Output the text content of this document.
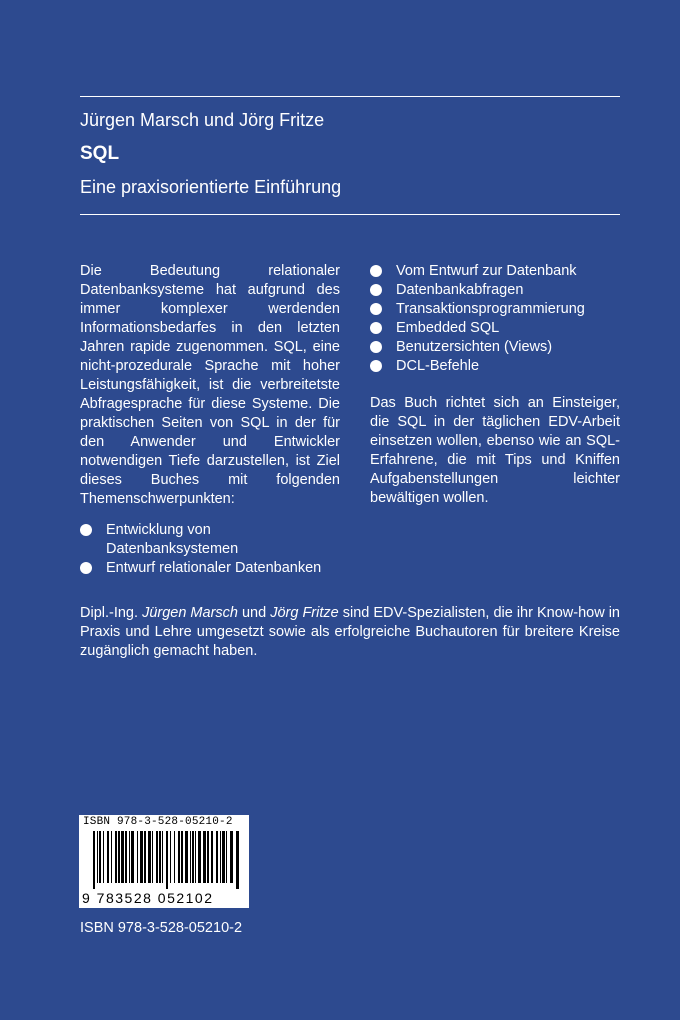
Jürgen Marsch und Jörg Fritze
SQL
Eine praxisorientierte Einführung
Die Bedeutung relationaler Datenbanksysteme hat aufgrund des immer komplexer werdenden Informationsbedarfes in den letzten Jahren rapide zugenommen. SQL, eine nicht-prozedurale Sprache mit hoher Leistungsfähigkeit, ist die verbreitetste Abfragesprache für diese Systeme. Die praktischen Seiten von SQL in der für den Anwender und Entwickler notwendigen Tiefe darzustellen, ist Ziel dieses Buches mit folgenden Themenschwerpunkten:
Entwicklung von Datenbanksystemen
Entwurf relationaler Datenbanken
Vom Entwurf zur Datenbank
Datenbankabfragen
Transaktionsprogrammierung
Embedded SQL
Benutzersichten (Views)
DCL-Befehle

Das Buch richtet sich an Einsteiger, die SQL in der täglichen EDV-Arbeit einsetzen wollen, ebenso wie an SQL-Erfahrene, die mit Tips und Kniffen Aufgabenstellungen leichter bewältigen wollen.

Dipl.-Ing. Jürgen Marsch und Jörg Fritze sind EDV-Spezialisten, die ihr Know-how in Praxis und Lehre umgesetzt sowie als erfolgreiche Buchautoren für breitere Kreise zugänglich gemacht haben.
ISBN 978-3-528-05210-2
9 783528 052102
ISBN 978-3-528-05210-2
